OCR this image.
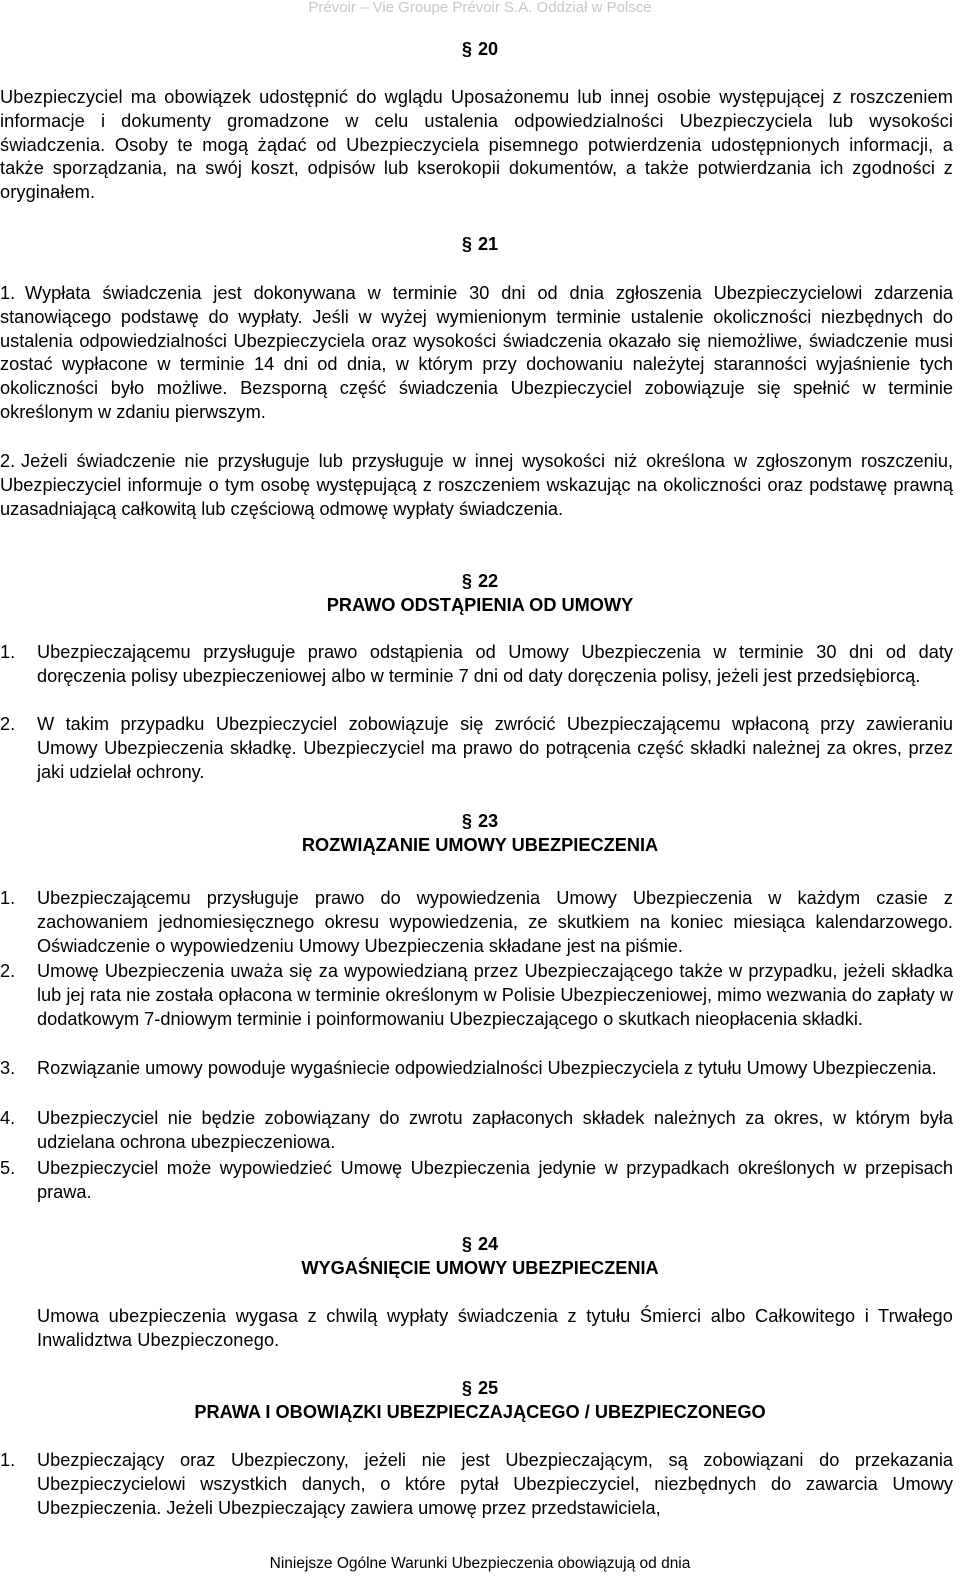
Prévoir – Vie Groupe Prévoir S.A. Oddział w Polsce
§ 20
Ubezpieczyciel ma obowiązek udostępnić do wglądu Uposażonemu lub innej osobie występującej z roszczeniem informacje i dokumenty gromadzone w celu ustalenia odpowiedzialności Ubezpieczyciela lub wysokości świadczenia. Osoby te mogą żądać od Ubezpieczyciela pisemnego potwierdzenia udostępnionych informacji, a także sporządzania, na swój koszt, odpisów lub kserokopii dokumentów, a także potwierdzania ich zgodności z oryginałem.
§ 21
1. Wypłata świadczenia jest dokonywana w terminie 30 dni od dnia zgłoszenia Ubezpieczycielowi zdarzenia stanowiącego podstawę do wypłaty. Jeśli w wyżej wymienionym terminie ustalenie okoliczności niezbędnych do ustalenia odpowiedzialności Ubezpieczyciela oraz wysokości świadczenia okazało się niemożliwe, świadczenie musi zostać wypłacone w terminie 14 dni od dnia, w którym przy dochowaniu należytej staranności wyjaśnienie tych okoliczności było możliwe. Bezsporną część świadczenia Ubezpieczyciel zobowiązuje się spełnić w terminie określonym w zdaniu pierwszym.
2. Jeżeli świadczenie nie przysługuje lub przysługuje w innej wysokości niż określona w zgłoszonym roszczeniu, Ubezpieczyciel informuje o tym osobę występującą z roszczeniem wskazując na okoliczności oraz podstawę prawną uzasadniającą całkowitą lub częściową odmowę wypłaty świadczenia.
§ 22
PRAWO ODSTĄPIENIA OD UMOWY
1. Ubezpieczającemu przysługuje prawo odstąpienia od Umowy Ubezpieczenia w terminie 30 dni od daty doręczenia polisy ubezpieczeniowej albo w terminie 7 dni od daty doręczenia polisy, jeżeli jest przedsiębiorcą.
2. W takim przypadku Ubezpieczyciel zobowiązuje się zwrócić Ubezpieczającemu wpłaconą przy zawieraniu Umowy Ubezpieczenia składkę. Ubezpieczyciel ma prawo do potrącenia część składki należnej za okres, przez jaki udzielał ochrony.
§ 23
ROZWIĄZANIE UMOWY UBEZPIECZENIA
1. Ubezpieczającemu przysługuje prawo do wypowiedzenia Umowy Ubezpieczenia w każdym czasie z zachowaniem jednomiesięcznego okresu wypowiedzenia, ze skutkiem na koniec miesiąca kalendarzowego. Oświadczenie o wypowiedzeniu Umowy Ubezpieczenia składane jest na piśmie.
2. Umowę Ubezpieczenia uważa się za wypowiedzianą przez Ubezpieczającego także w przypadku, jeżeli składka lub jej rata nie została opłacona w terminie określonym w Polisie Ubezpieczeniowej, mimo wezwania do zapłaty w dodatkowym 7-dniowym terminie i poinformowaniu Ubezpieczającego o skutkach nieopłacenia składki.
3. Rozwiązanie umowy powoduje wygaśniecie odpowiedzialności Ubezpieczyciela z tytułu Umowy Ubezpieczenia.
4. Ubezpieczyciel nie będzie zobowiązany do zwrotu zapłaconych składek należnych za okres, w którym była udzielana ochrona ubezpieczeniowa.
5. Ubezpieczyciel może wypowiedzieć Umowę Ubezpieczenia jedynie w przypadkach określonych w przepisach prawa.
§ 24
WYGAŚNIĘCIE UMOWY UBEZPIECZENIA
Umowa ubezpieczenia wygasa z chwilą wypłaty świadczenia z tytułu Śmierci albo Całkowitego i Trwałego Inwalidztwa Ubezpieczonego.
§ 25
PRAWA I OBOWIĄZKI UBEZPIECZAJĄCEGO / UBEZPIECZONEGO
1. Ubezpieczający oraz Ubezpieczony, jeżeli nie jest Ubezpieczającym, są zobowiązani do przekazania Ubezpieczycielowi wszystkich danych, o które pytał Ubezpieczyciel, niezbędnych do zawarcia Umowy Ubezpieczenia. Jeżeli Ubezpieczający zawiera umowę przez przedstawiciela,
Niniejsze Ogólne Warunki Ubezpieczenia obowiązują od dnia
